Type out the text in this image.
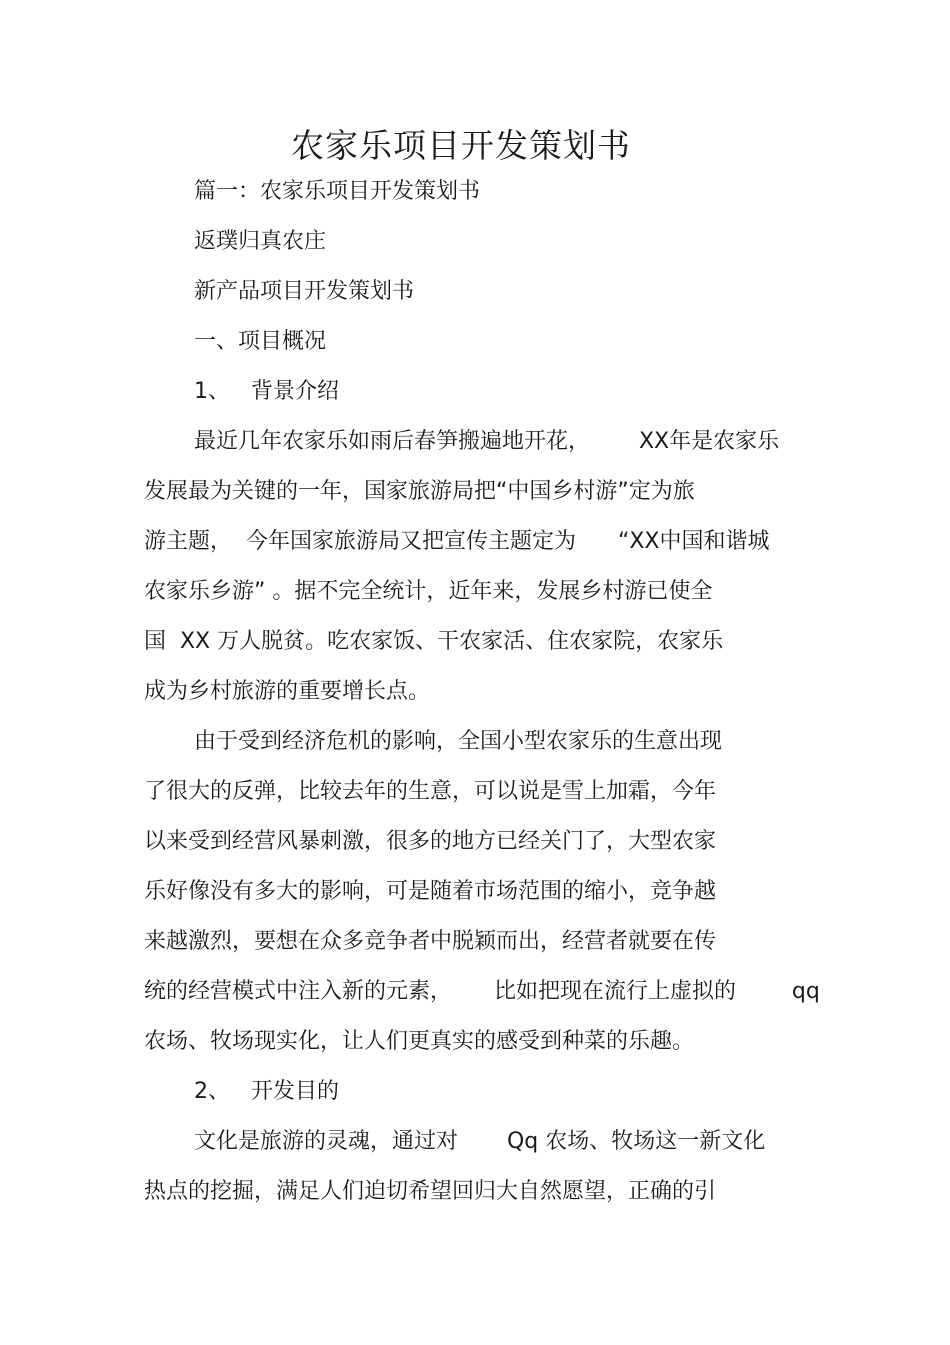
农家乐项目开发策划书
篇一：农家乐项目开发策划书
返璞归真农庄
新产品项目开发策划书
一、项目概况
1、   背景介绍
最近几年农家乐如雨后春笋搬遍地开花，       XX年是农家乐
发展最为关键的一年，国家旅游局把“中国乡村游”定为旅
游主题，  今年国家旅游局又把宣传主题定为      “XX中国和谐城
农家乐乡游” 。据不完全统计，近年来，发展乡村游已使全
国  XX 万人脱贫。吃农家饭、干农家活、住农家院，农家乐
成为乡村旅游的重要增长点。
由于受到经济危机的影响，全国小型农家乐的生意出现
了很大的反弹，比较去年的生意，可以说是雪上加霜，今年
以来受到经营风暴刺激，很多的地方已经关门了，大型农家
乐好像没有多大的影响，可是随着市场范围的缩小，竞争越
来越激烈，要想在众多竞争者中脱颖而出，经营者就要在传
统的经营模式中注入新的元素，      比如把现在流行上虚拟的        qq
农场、牧场现实化，让人们更真实的感受到种菜的乐趣。
2、   开发目的
文化是旅游的灵魂，通过对       Qq 农场、牧场这一新文化
热点的挖掘，满足人们迫切希望回归大自然愿望，正确的引
